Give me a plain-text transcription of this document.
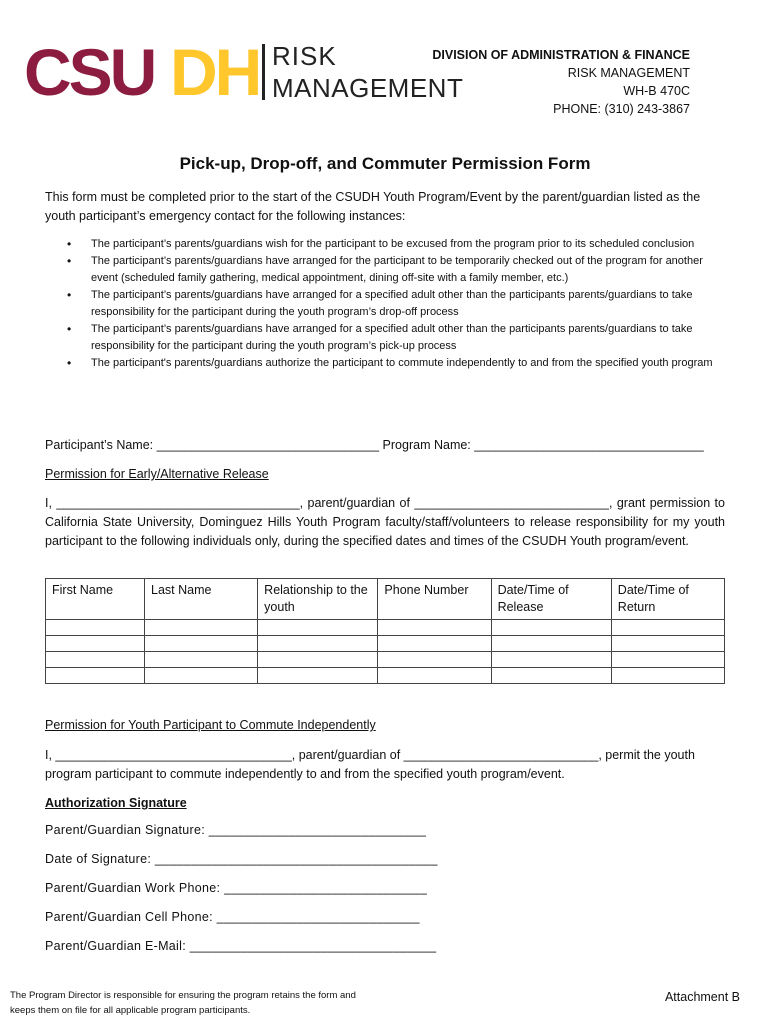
CSU DH RISK
MANAGEMENT
DIVISION OF ADMINISTRATION & FINANCE
RISK MANAGEMENT
WH-B 470C
PHONE: (310) 243-3867
Pick-up, Drop-off, and Commuter Permission Form
This form must be completed prior to the start of the CSUDH Youth Program/Event by the parent/guardian listed as the youth participant’s emergency contact for the following instances:
• The participant’s parents/guardians wish for the participant to be excused from the program prior to its scheduled conclusion
• The participant’s parents/guardians have arranged for the participant to be temporarily checked out of the program for another event (scheduled family gathering, medical appointment, dining off-site with a family member, etc.)
• The participant’s parents/guardians have arranged for a specified adult other than the participants parents/guardians to take responsibility for the participant during the youth program’s drop-off process
• The participant’s parents/guardians have arranged for a specified adult other than the participants parents/guardians to take responsibility for the participant during the youth program’s pick-up process
• The participant's parents/guardians authorize the participant to commute independently to and from the specified youth program
Participant’s Name: ________________________________ Program Name: _________________________________
Permission for Early/Alternative Release
I, ___________________________________, parent/guardian of ____________________________, grant permission to California State University, Dominguez Hills Youth Program faculty/staff/volunteers to release responsibility for my youth participant to the following individuals only, during the specified dates and times of the CSUDH Youth program/event.
First Name	Last Name	Relationship to the youth	Phone Number	Date/Time of Release	Date/Time of Return

Permission for Youth Participant to Commute Independently
I, __________________________________, parent/guardian of ____________________________, permit the youth program participant to commute independently to and from the specified youth program/event.
Authorization Signature
Parent/Guardian Signature: ______________________________
Date of Signature: _______________________________________
Parent/Guardian Work Phone: ____________________________
Parent/Guardian Cell Phone: ____________________________
Parent/Guardian E-Mail: __________________________________
The Program Director is responsible for ensuring the program retains the form and keeps them on file for all applicable program participants.
Attachment B
